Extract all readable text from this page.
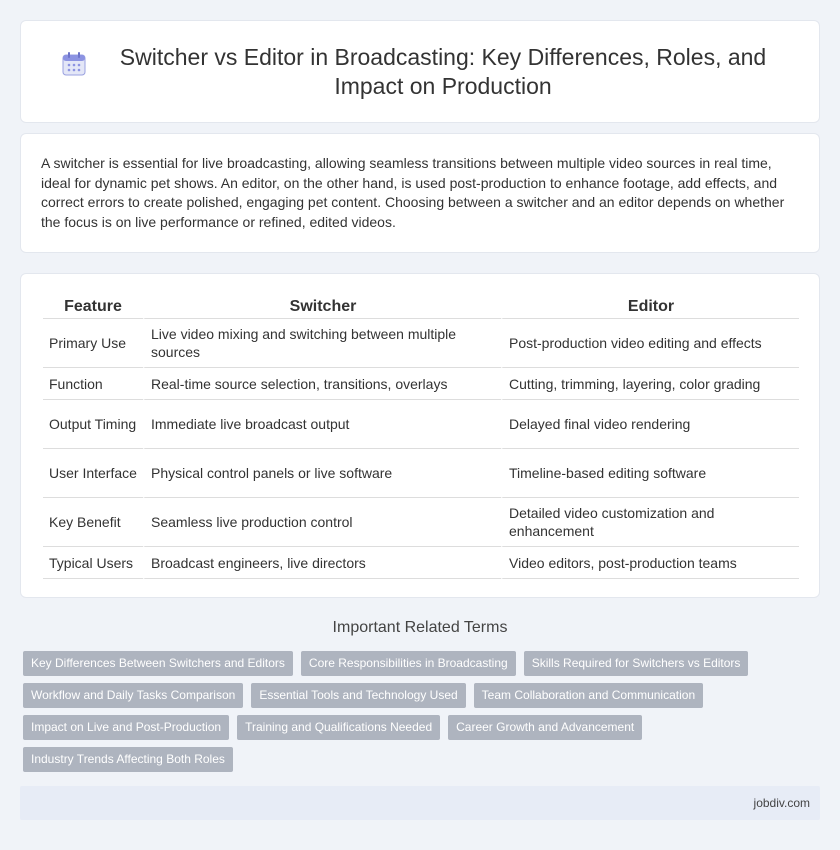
Switcher vs Editor in Broadcasting: Key Differences, Roles, and Impact on Production

A switcher is essential for live broadcasting, allowing seamless transitions between multiple video sources in real time, ideal for dynamic pet shows. An editor, on the other hand, is used post-production to enhance footage, add effects, and correct errors to create polished, engaging pet content. Choosing between a switcher and an editor depends on whether the focus is on live performance or refined, edited videos.

Feature	Switcher	Editor
Primary Use	Live video mixing and switching between multiple sources	Post-production video editing and effects
Function	Real-time source selection, transitions, overlays	Cutting, trimming, layering, color grading
Output Timing	Immediate live broadcast output	Delayed final video rendering
User Interface	Physical control panels or live software	Timeline-based editing software
Key Benefit	Seamless live production control	Detailed video customization and enhancement
Typical Users	Broadcast engineers, live directors	Video editors, post-production teams
Important Related Terms
Key Differences Between Switchers and Editors	Core Responsibilities in Broadcasting	Skills Required for Switchers vs Editors
Workflow and Daily Tasks Comparison	Essential Tools and Technology Used	Team Collaboration and Communication
Impact on Live and Post-Production	Training and Qualifications Needed	Career Growth and Advancement
Industry Trends Affecting Both Roles
jobdiv.com
